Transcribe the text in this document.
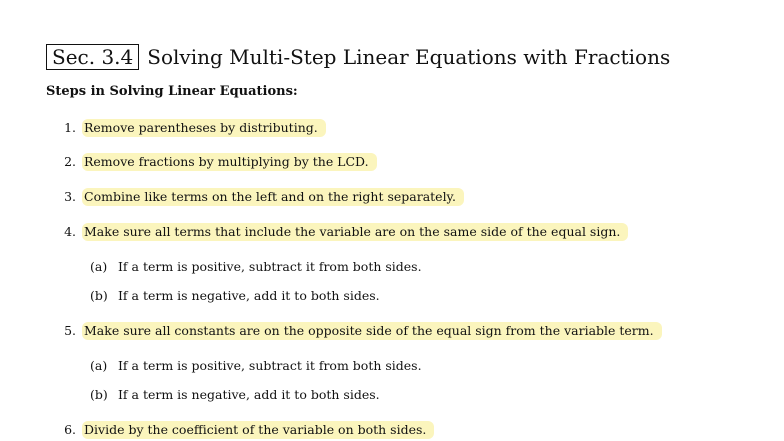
Sec. 3.4 Solving Multi-Step Linear Equations with Fractions
Steps in Solving Linear Equations:
1. Remove parentheses by distributing.
2. Remove fractions by multiplying by the LCD.
3. Combine like terms on the left and on the right separately.
4. Make sure all terms that include the variable are on the same side of the equal sign.
(a) If a term is positive, subtract it from both sides.
(b) If a term is negative, add it to both sides.
5. Make sure all constants are on the opposite side of the equal sign from the variable term.
(a) If a term is positive, subtract it from both sides.
(b) If a term is negative, add it to both sides.
6. Divide by the coefficient of the variable on both sides.
